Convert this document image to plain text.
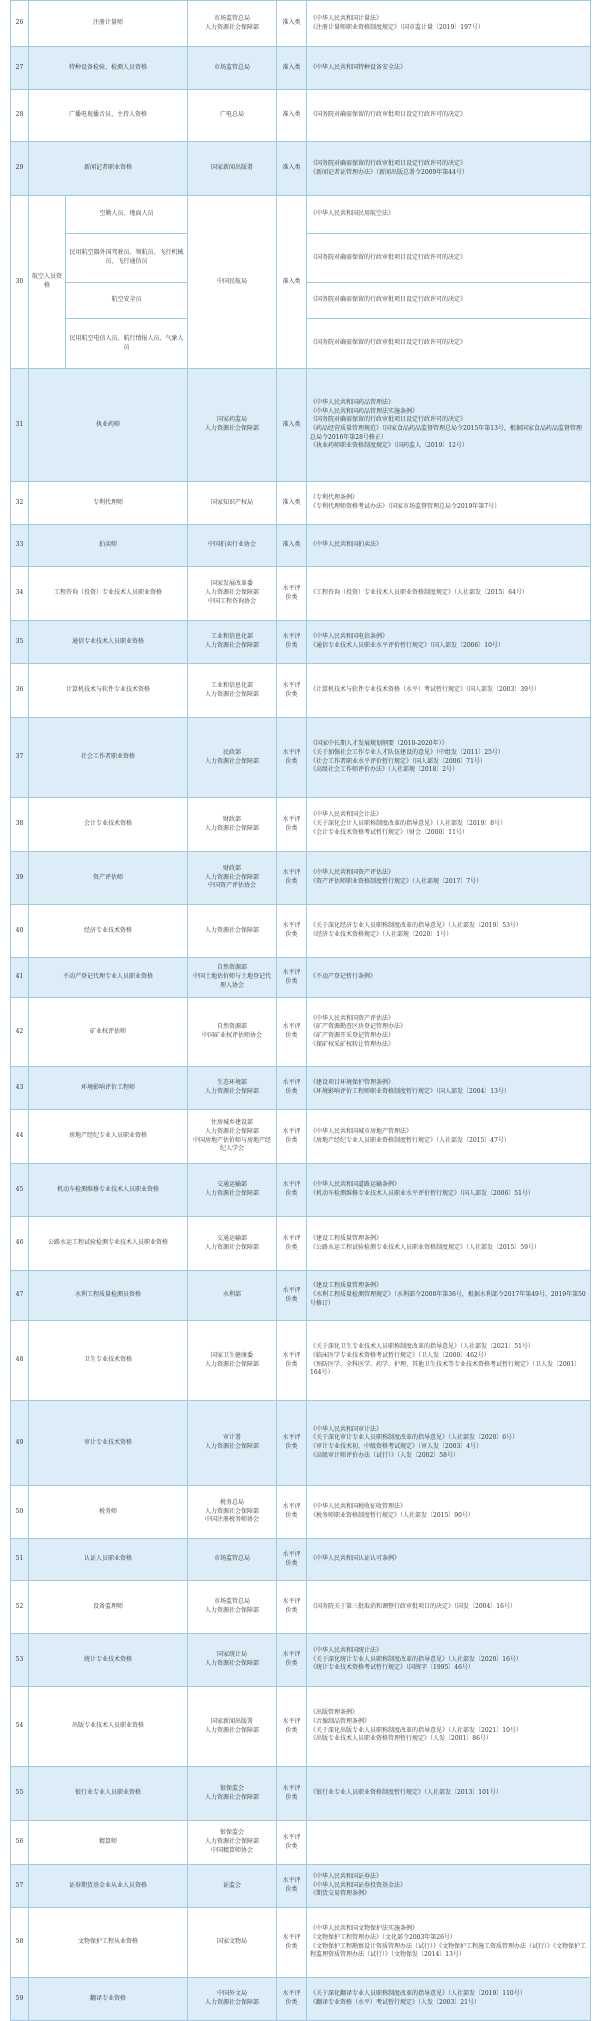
26	注册计量师		市场监管总局
人力资源社会保障部	准入类	《中华人民共和国计量法》
《注册计量师职业资格制度规定》（国市监计量〔2019〕197号）

27	特种设备检验、检测人员资格		市场监管总局	准入类	《中华人民共和国特种设备安全法》

28	广播电视播音员、主持人资格		广电总局	准入类	《国务院对确需保留的行政审批项目设定行政许可的决定》

29	新闻记者职业资格		国家新闻出版署	准入类	《国务院对确需保留的行政审批项目设定行政许可的决定》
《新闻记者证管理办法》（新闻出版总署令2009年第44号）

30	航空人员资格	空勤人员、地面人员	中国民航局	准入类	《中华人民共和国民用航空法》
		民用航空器外国驾驶员、领航员、飞行机械员、飞行通信员			《国务院对确需保留的行政审批项目设定行政许可的决定》
		航空安全员			《国务院对确需保留的行政审批项目设定行政许可的决定》
		民用航空电信人员、航行情报人员、气象人员			《国务院对确需保留的行政审批项目设定行政许可的决定》
31	执业药师		国家药监局
人力资源社会保障部	准入类	《中华人民共和国药品管理法》
《中华人民共和国药品管理法实施条例》
《国务院对确需保留的行政审批项目设定行政许可的决定》
《药品经营质量管理规范》（国家食品药品监督管理总局令2015年第13号，根据国家食品药品监督管理总局令2016年第28号修正）
《执业药师职业资格制度规定》（国药监人〔2019〕12号）

32	专利代理师		国家知识产权局	准入类	《专利代理条例》
《专利代理师资格考试办法》（国家市场监督管理总局令2019年第7号）

33	拍卖师		中国拍卖行业协会	准入类	《中华人民共和国拍卖法》

34	工程咨询（投资）专业技术人员职业资格		国家发展改革委
人力资源社会保障部
中国工程咨询协会	水平评价类	《工程咨询（投资）专业技术人员职业资格制度规定》（人社部发〔2015〕64号）

35	通信专业技术人员职业资格		工业和信息化部
人力资源社会保障部	水平评价类	《中华人民共和国电信条例》
《通信专业技术人员职业水平评价暂行规定》（国人部发〔2006〕10号）

36	计算机技术与软件专业技术资格		工业和信息化部
人力资源社会保障部	水平评价类	《计算机技术与软件专业技术资格（水平）考试暂行规定》（国人部发〔2003〕39号）

37	社会工作者职业资格		民政部
人力资源社会保障部	水平评价类	《国家中长期人才发展规划纲要（2010-2020年）》
《关于加强社会工作专业人才队伍建设的意见》（中组发〔2011〕25号）
《社会工作者职业水平评价暂行规定》（国人部发〔2006〕71号）
《高级社会工作师评价办法》（人社部规〔2018〕2号）

38	会计专业技术资格		财政部
人力资源社会保障部	水平评价类	《中华人民共和国会计法》
《关于深化会计人员职称制度改革的指导意见》（人社部发〔2019〕8号）
《会计专业技术资格考试暂行规定》（财会〔2000〕11号）

39	资产评估师		财政部
人力资源社会保障部
中国资产评估协会	水平评价类	《中华人民共和国资产评估法》
《资产评估师职业资格制度暂行规定》（人社部规〔2017〕7号）

40	经济专业技术资格		人力资源社会保障部	水平评价类	《关于深化经济专业人员职称制度改革的指导意见》（人社部发〔2019〕53号）
《经济专业技术资格规定》（人社部规〔2020〕1号）

41	不动产登记代理专业人员职业资格		自然资源部
中国土地估价师与土地登记代理人协会	水平评价类	《不动产登记暂行条例》

42	矿业权评估师		自然资源部
中国矿业权评估师协会	水平评价类	《中华人民共和国资产评估法》
《矿产资源勘查区块登记管理办法》
《矿产资源开采登记管理办法》
《探矿权采矿权转让管理办法》

43	环境影响评价工程师		生态环境部
人力资源社会保障部	水平评价类	《建设项目环境保护管理条例》
《环境影响评价工程师职业资格制度暂行规定》（国人部发〔2004〕13号）

44	房地产经纪专业人员职业资格		住房城乡建设部
人力资源社会保障部
中国房地产估价师与房地产经纪人学会	水平评价类	《中华人民共和国城市房地产管理法》
《房地产经纪专业人员职业资格制度暂行规定》（人社部发〔2015〕47号）

45	机动车检测维修专业技术人员职业资格		交通运输部
人力资源社会保障部	水平评价类	《中华人民共和国道路运输条例》
《机动车检测维修专业技术人员职业水平评价暂行规定》（国人部发〔2006〕51号）

46	公路水运工程试验检测专业技术人员职业资格		交通运输部
人力资源社会保障部	水平评价类	《建设工程质量管理条例》
《公路水运工程试验检测专业技术人员职业资格制度规定》（人社部发〔2015〕59号）

47	水利工程质量检测员资格		水利部	水平评价类	《建设工程质量管理条例》
《水利工程质量检测管理规定》（水利部令2008年第36号，根据水利部令2017年第49号、2019年第50号修订）

48	卫生专业技术资格		国家卫生健康委
人力资源社会保障部	水平评价类	《关于深化卫生专业技术人员职称制度改革的指导意见》（人社部发〔2021〕51号）
《临床医学专业技术资格考试暂行规定》（卫人发〔2000〕462号）
《预防医学、全科医学、药学、护理、其他卫生技术等专业技术资格考试暂行规定》（卫人发〔2001〕164号）

49	审计专业技术资格		审计署
人力资源社会保障部	水平评价类	《中华人民共和国审计法》
《关于深化审计专业人员职称制度改革的指导意见》（人社部发〔2020〕6号）
《审计专业技术初、中级资格考试规定》（审人发〔2003〕4号）
《高级审计师评价办法（试行）》（人发〔2002〕58号）

50	税务师		税务总局
人力资源社会保障部
中国注册税务师协会	水平评价类	《中华人民共和国税收征收管理法》
《税务师职业资格制度暂行规定》（人社部发〔2015〕90号）

51	认证人员职业资格		市场监管总局	水平评价类	《中华人民共和国认证认可条例》

52	设备监理师		市场监管总局
人力资源社会保障部	水平评价类	《国务院关于第三批取消和调整行政审批项目的决定》（国发〔2004〕16号）

53	统计专业技术资格		国家统计局
人力资源社会保障部	水平评价类	《中华人民共和国统计法》
《关于深化统计专业人员职称制度改革的指导意见》（人社部发〔2020〕16号）
《统计专业技术资格考试暂行规定》（国统字〔1995〕46号）

54	出版专业技术人员职业资格		国家新闻出版署
人力资源社会保障部	水平评价类	《出版管理条例》
《音像制品管理条例》
《关于深化出版专业人员职称制度改革的指导意见》（人社部发〔2021〕10号）
《出版专业技术人员职业资格管理暂行规定》（人发〔2001〕86号）

55	银行业专业人员职业资格		银保监会
人力资源社会保障部	水平评价类	《银行业专业人员职业资格制度暂行规定》（人社部发〔2013〕101号）

56	精算师		银保监会
人力资源社会保障部
中国精算师协会	水平评价类	

57	证券期货基金业从业人员资格		证监会	水平评价类	《中华人民共和国证券法》
《中华人民共和国证券投资基金法》
《期货交易管理条例》

58	文物保护工程从业资格		国家文物局	水平评价类	《中华人民共和国文物保护法实施条例》
《文物保护工程管理办法》（文化部令2003年第26号）
《文物保护工程勘察设计资质管理办法（试行）》《文物保护工程施工资质管理办法（试行）》《文物保护工程监理资质管理办法（试行）》（文物保发〔2014〕13号）

59	翻译专业资格		中国外文局
人力资源社会保障部	水平评价类	《关于深化翻译专业人员职称制度改革的指导意见》（人社部发〔2019〕110号）
《翻译专业资格（水平）考试暂行规定》（人发〔2003〕21号）
